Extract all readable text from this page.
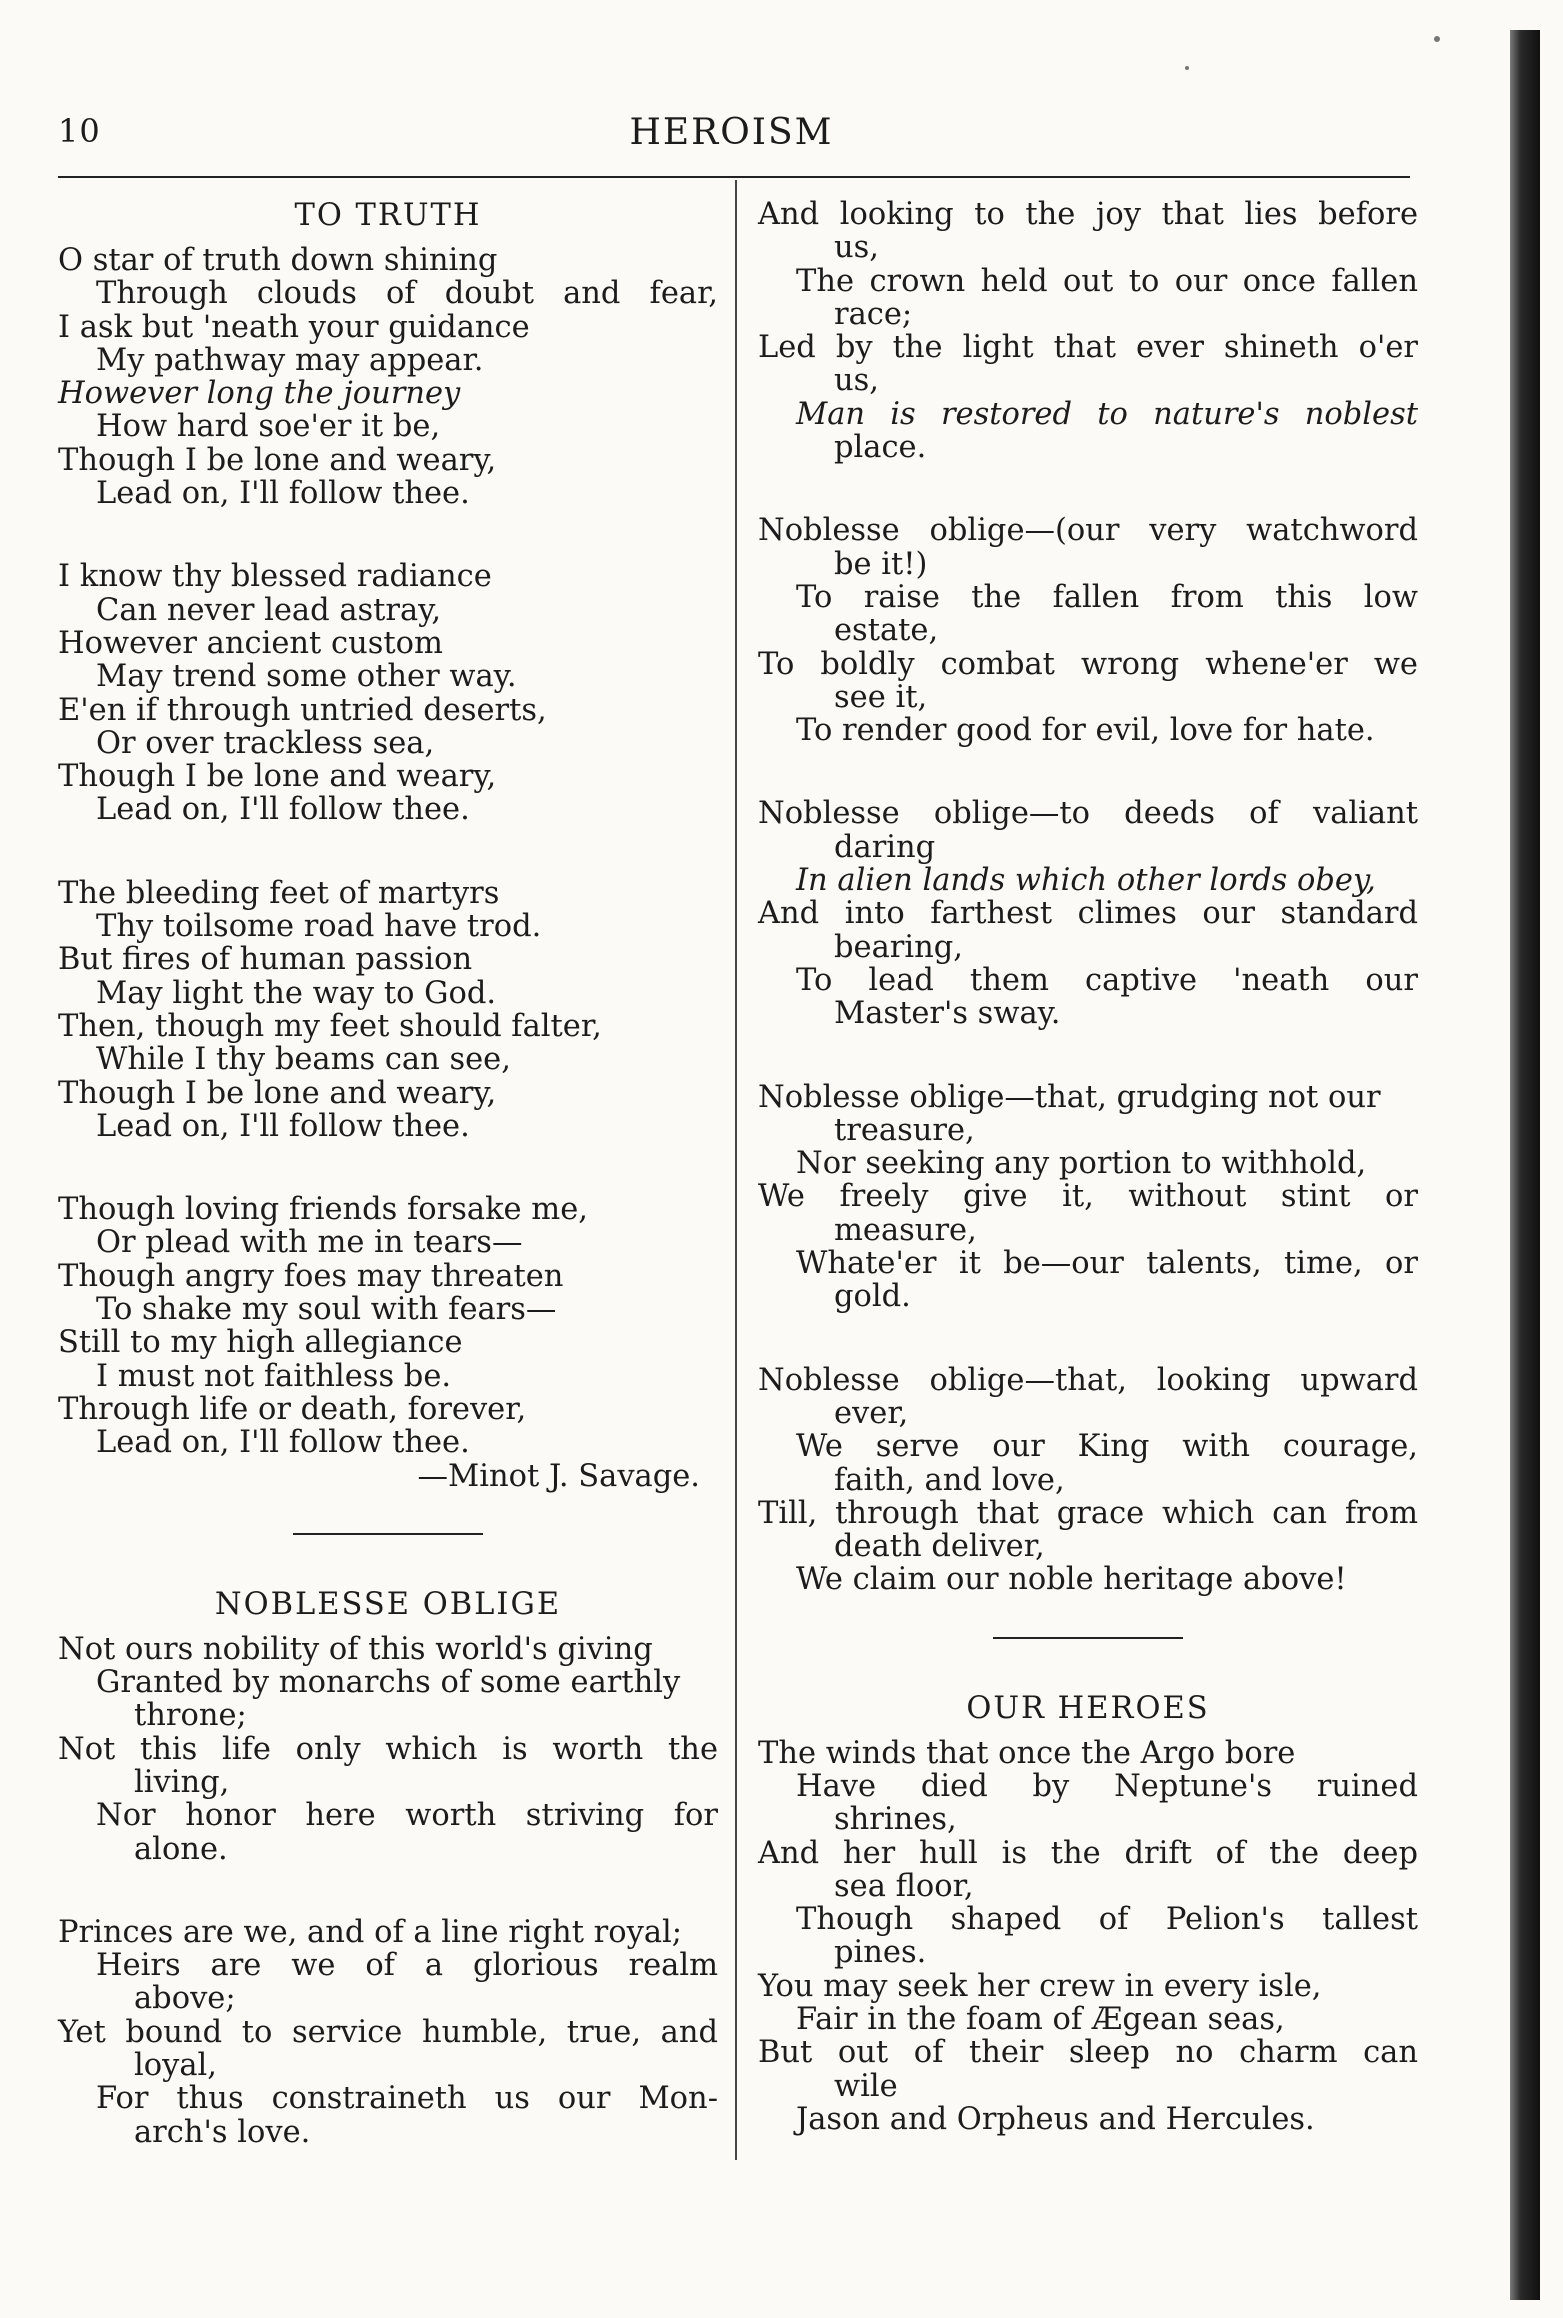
10	HEROISM
TO TRUTH
O star of truth down shining
Through clouds of doubt and fear,
I ask but 'neath your guidance
My pathway may appear.
However long the journey
How hard soe'er it be,
Though I be lone and weary,
Lead on, I'll follow thee.
I know thy blessed radiance
Can never lead astray,
However ancient custom
May trend some other way.
E'en if through untried deserts,
Or over trackless sea,
Though I be lone and weary,
Lead on, I'll follow thee.
The bleeding feet of martyrs
Thy toilsome road have trod.
But fires of human passion
May light the way to God.
Then, though my feet should falter,
While I thy beams can see,
Though I be lone and weary,
Lead on, I'll follow thee.
Though loving friends forsake me,
Or plead with me in tears—
Though angry foes may threaten
To shake my soul with fears—
Still to my high allegiance
I must not faithless be.
Through life or death, forever,
Lead on, I'll follow thee.
—Minot J. Savage.
NOBLESSE OBLIGE
Not ours nobility of this world's giving
Granted by monarchs of some earthly
throne;
Not this life only which is worth the
living,
Nor honor here worth striving for
alone.
Princes are we, and of a line right royal;
Heirs are we of a glorious realm
above;
Yet bound to service humble, true, and
loyal,
For thus constraineth us our Mon-
arch's love.
And looking to the joy that lies before
us,
The crown held out to our once fallen
race;
Led by the light that ever shineth o'er
us,
Man is restored to nature's noblest
place.
Noblesse oblige—(our very watchword
be it!)
To raise the fallen from this low
estate,
To boldly combat wrong whene'er we
see it,
To render good for evil, love for hate.
Noblesse oblige—to deeds of valiant
daring
In alien lands which other lords obey,
And into farthest climes our standard
bearing,
To lead them captive 'neath our
Master's sway.
Noblesse oblige—that, grudging not our
treasure,
Nor seeking any portion to withhold,
We freely give it, without stint or
measure,
Whate'er it be—our talents, time, or
gold.
Noblesse oblige—that, looking upward
ever,
We serve our King with courage,
faith, and love,
Till, through that grace which can from
death deliver,
We claim our noble heritage above!
OUR HEROES
The winds that once the Argo bore
Have died by Neptune's ruined
shrines,
And her hull is the drift of the deep
sea floor,
Though shaped of Pelion's tallest
pines.
You may seek her crew in every isle,
Fair in the foam of Ægean seas,
But out of their sleep no charm can
wile
Jason and Orpheus and Hercules.
